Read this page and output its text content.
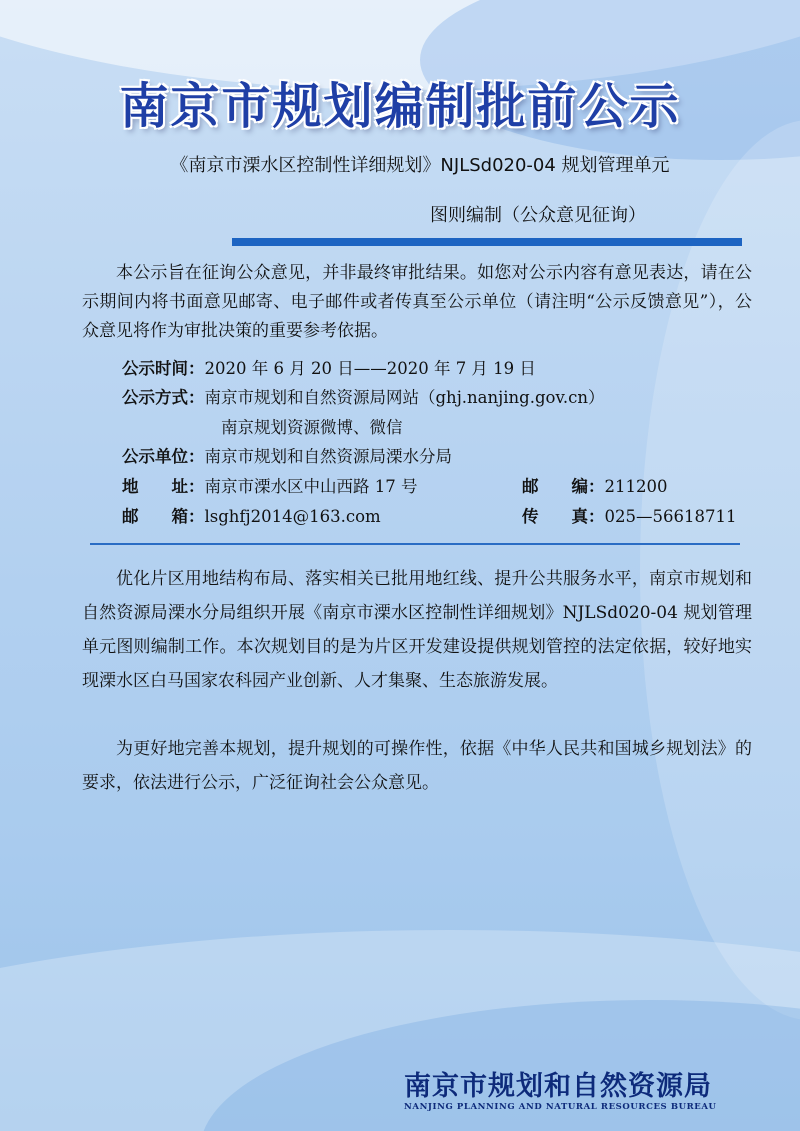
南京市规划编制批前公示
《南京市溧水区控制性详细规划》NJLSd020-04 规划管理单元
图则编制（公众意见征询）

本公示旨在征询公众意见，并非最终审批结果。如您对公示内容有意见表达，请在公示期间内将书面意见邮寄、电子邮件或者传真至公示单位（请注明“公示反馈意见”），公众意见将作为审批决策的重要参考依据。

公示时间：2020 年 6 月 20 日——2020 年 7 月 19 日
公示方式：南京市规划和自然资源局网站（ghj.nanjing.gov.cn）
南京规划资源微博、微信
公示单位：南京市规划和自然资源局溧水分局
地　　址：南京市溧水区中山西路 17 号	邮　　编：211200
邮　　箱：lsghfj2014@163.com	传　　真：025—56618711

优化片区用地结构布局、落实相关已批用地红线、提升公共服务水平，南京市规划和自然资源局溧水分局组织开展《南京市溧水区控制性详细规划》NJLSd020-04 规划管理单元图则编制工作。本次规划目的是为片区开发建设提供规划管控的法定依据，较好地实现溧水区白马国家农科园产业创新、人才集聚、生态旅游发展。

为更好地完善本规划，提升规划的可操作性，依据《中华人民共和国城乡规划法》的要求，依法进行公示，广泛征询社会公众意见。

南京市规划和自然资源局
NANJING PLANNING AND NATURAL RESOURCES BUREAU
